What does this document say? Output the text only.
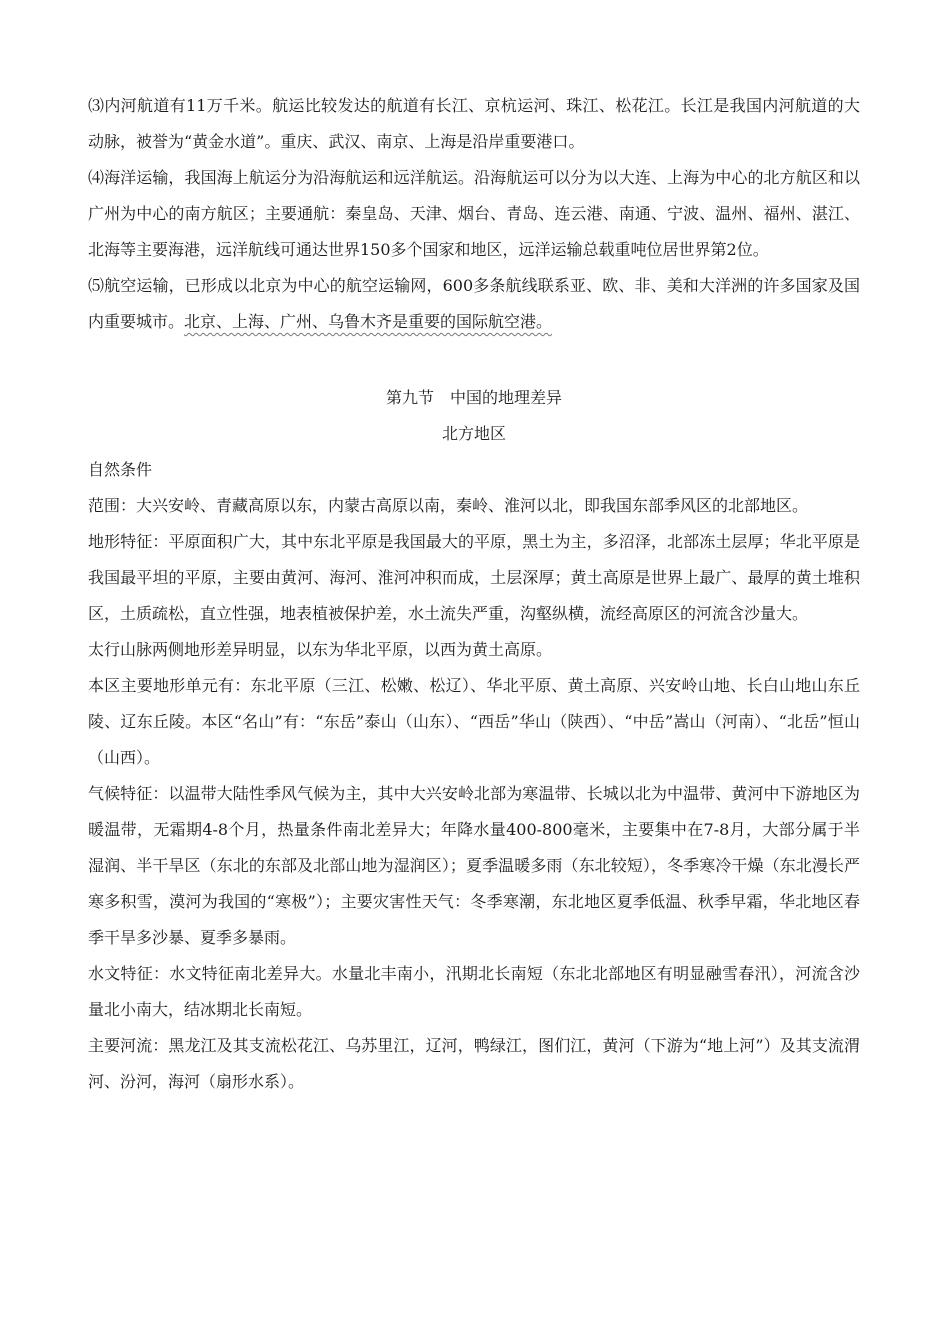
⑶内河航道有11万千米。航运比较发达的航道有长江、京杭运河、珠江、松花江。长江是我国内河航道的大动脉，被誉为“黄金水道”。重庆、武汉、南京、上海是沿岸重要港口。

⑷海洋运输，我国海上航运分为沿海航运和远洋航运。沿海航运可以分为以大连、上海为中心的北方航区和以广州为中心的南方航区；主要通航：秦皇岛、天津、烟台、青岛、连云港、南通、宁波、温州、福州、湛江、北海等主要海港，远洋航线可通达世界150多个国家和地区，远洋运输总载重吨位居世界第2位。

⑸航空运输，已形成以北京为中心的航空运输网，600多条航线联系亚、欧、非、美和大洋洲的许多国家及国内重要城市。北京、上海、广州、乌鲁木齐是重要的国际航空港。

第九节　中国的地理差异

北方地区

自然条件

范围：大兴安岭、青藏高原以东，内蒙古高原以南，秦岭、淮河以北，即我国东部季风区的北部地区。

地形特征：平原面积广大，其中东北平原是我国最大的平原，黑土为主，多沼泽，北部冻土层厚；华北平原是我国最平坦的平原，主要由黄河、海河、淮河冲积而成，土层深厚；黄土高原是世界上最广、最厚的黄土堆积区，土质疏松，直立性强，地表植被保护差，水土流失严重，沟壑纵横，流经高原区的河流含沙量大。

太行山脉两侧地形差异明显，以东为华北平原，以西为黄土高原。

本区主要地形单元有：东北平原（三江、松嫩、松辽）、华北平原、黄土高原、兴安岭山地、长白山地山东丘陵、辽东丘陵。本区“名山”有：“东岳”泰山（山东）、“西岳”华山（陕西）、“中岳”嵩山（河南）、“北岳”恒山（山西）。

气候特征：以温带大陆性季风气候为主，其中大兴安岭北部为寒温带、长城以北为中温带、黄河中下游地区为暖温带，无霜期4-8个月，热量条件南北差异大；年降水量400-800毫米，主要集中在7-8月，大部分属于半湿润、半干旱区（东北的东部及北部山地为湿润区）；夏季温暖多雨（东北较短），冬季寒冷干燥（东北漫长严寒多积雪，漠河为我国的“寒极”）；主要灾害性天气：冬季寒潮，东北地区夏季低温、秋季早霜，华北地区春季干旱多沙暴、夏季多暴雨。

水文特征：水文特征南北差异大。水量北丰南小，汛期北长南短（东北北部地区有明显融雪春汛），河流含沙量北小南大，结冰期北长南短。

主要河流：黑龙江及其支流松花江、乌苏里江，辽河，鸭绿江，图们江，黄河（下游为“地上河”）及其支流渭河、汾河，海河（扇形水系）。
